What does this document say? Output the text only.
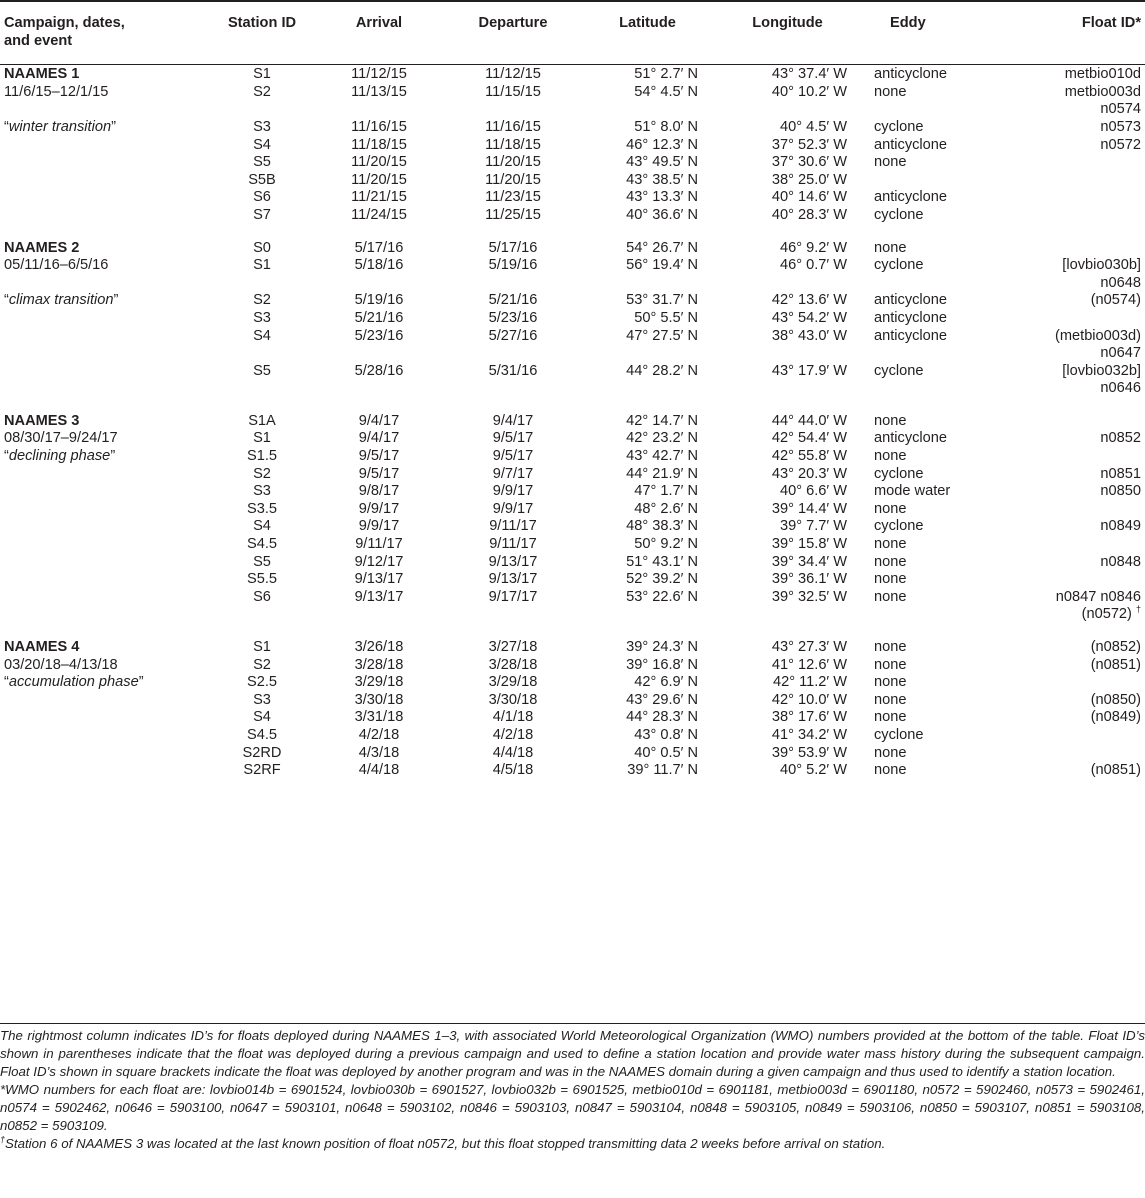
Campaign, dates,
and event	Station ID	Arrival	Departure	Latitude	Longitude	Eddy	Float ID*

NAAMES 1	S1	11/12/15	11/12/15	51° 2.7′ N	43° 37.4′ W	anticyclone	metbio010d

11/6/15–12/1/15	S2	11/13/15	11/15/15	54° 4.5′ N	40° 10.2′ W	none	metbio003d
n0574

“winter transition”	S3	11/16/15	11/16/15	51° 8.0′ N	40° 4.5′ W	cyclone	n0573

	S4	11/18/15	11/18/15	46° 12.3′ N	37° 52.3′ W	anticyclone	n0572

	S5	11/20/15	11/20/15	43° 49.5′ N	37° 30.6′ W	none	
	S5B	11/20/15	11/20/15	43° 38.5′ N	38° 25.0′ W		
	S6	11/21/15	11/23/15	43° 13.3′ N	40° 14.6′ W	anticyclone	
	S7	11/24/15	11/25/15	40° 36.6′ N	40° 28.3′ W	cyclone	

NAAMES 2	S0	5/17/16	5/17/16	54° 26.7′ N	46° 9.2′ W	none	
05/11/16–6/5/16	S1	5/18/16	5/19/16	56° 19.4′ N	46° 0.7′ W	cyclone	[lovbio030b]
n0648

“climax transition”	S2	5/19/16	5/21/16	53° 31.7′ N	42° 13.6′ W	anticyclone	(n0574)

	S3	5/21/16	5/23/16	50° 5.5′ N	43° 54.2′ W	anticyclone	
	S4	5/23/16	5/27/16	47° 27.5′ N	38° 43.0′ W	anticyclone	(metbio003d)
n0647

	S5	5/28/16	5/31/16	44° 28.2′ N	43° 17.9′ W	cyclone	[lovbio032b]
n0646

NAAMES 3	S1A	9/4/17	9/4/17	42° 14.7′ N	44° 44.0′ W	none	
08/30/17–9/24/17	S1	9/4/17	9/5/17	42° 23.2′ N	42° 54.4′ W	anticyclone	n0852

“declining phase”	S1.5	9/5/17	9/5/17	43° 42.7′ N	42° 55.8′ W	none	
	S2	9/5/17	9/7/17	44° 21.9′ N	43° 20.3′ W	cyclone	n0851

	S3	9/8/17	9/9/17	47° 1.7′ N	40° 6.6′ W	mode water	n0850

	S3.5	9/9/17	9/9/17	48° 2.6′ N	39° 14.4′ W	none	
	S4	9/9/17	9/11/17	48° 38.3′ N	39° 7.7′ W	cyclone	n0849

	S4.5	9/11/17	9/11/17	50° 9.2′ N	39° 15.8′ W	none	
	S5	9/12/17	9/13/17	51° 43.1′ N	39° 34.4′ W	none	n0848

	S5.5	9/13/17	9/13/17	52° 39.2′ N	39° 36.1′ W	none	
	S6	9/13/17	9/17/17	53° 22.6′ N	39° 32.5′ W	none	n0847 n0846
(n0572) †

NAAMES 4	S1	3/26/18	3/27/18	39° 24.3′ N	43° 27.3′ W	none	(n0852)

03/20/18–4/13/18	S2	3/28/18	3/28/18	39° 16.8′ N	41° 12.6′ W	none	(n0851)

“accumulation phase”	S2.5	3/29/18	3/29/18	42° 6.9′ N	42° 11.2′ W	none	
	S3	3/30/18	3/30/18	43° 29.6′ N	42° 10.0′ W	none	(n0850)

	S4	3/31/18	4/1/18	44° 28.3′ N	38° 17.6′ W	none	(n0849)

	S4.5	4/2/18	4/2/18	43° 0.8′ N	41° 34.2′ W	cyclone	
	S2RD	4/3/18	4/4/18	40° 0.5′ N	39° 53.9′ W	none	
	S2RF	4/4/18	4/5/18	39° 11.7′ N	40° 5.2′ W	none	(n0851)

The rightmost column indicates ID’s for floats deployed during NAAMES 1–3, with associated World Meteorological Organization (WMO) numbers provided at the bottom of the table. Float ID’s shown in parentheses indicate that the float was deployed during a previous campaign and used to define a station location and provide water mass history during the subsequent campaign. Float ID’s shown in square brackets indicate the float was deployed by another program and was in the NAAMES domain during a given campaign and thus used to identify a station location.

*WMO numbers for each float are: lovbio014b = 6901524, lovbio030b = 6901527, lovbio032b = 6901525, metbio010d = 6901181, metbio003d = 6901180, n0572 = 5902460, n0573 = 5902461, n0574 = 5902462, n0646 = 5903100, n0647 = 5903101, n0648 = 5903102, n0846 = 5903103, n0847 = 5903104, n0848 = 5903105, n0849 = 5903106, n0850 = 5903107, n0851 = 5903108, n0852 = 5903109.

†Station 6 of NAAMES 3 was located at the last known position of float n0572, but this float stopped transmitting data 2 weeks before arrival on station.
